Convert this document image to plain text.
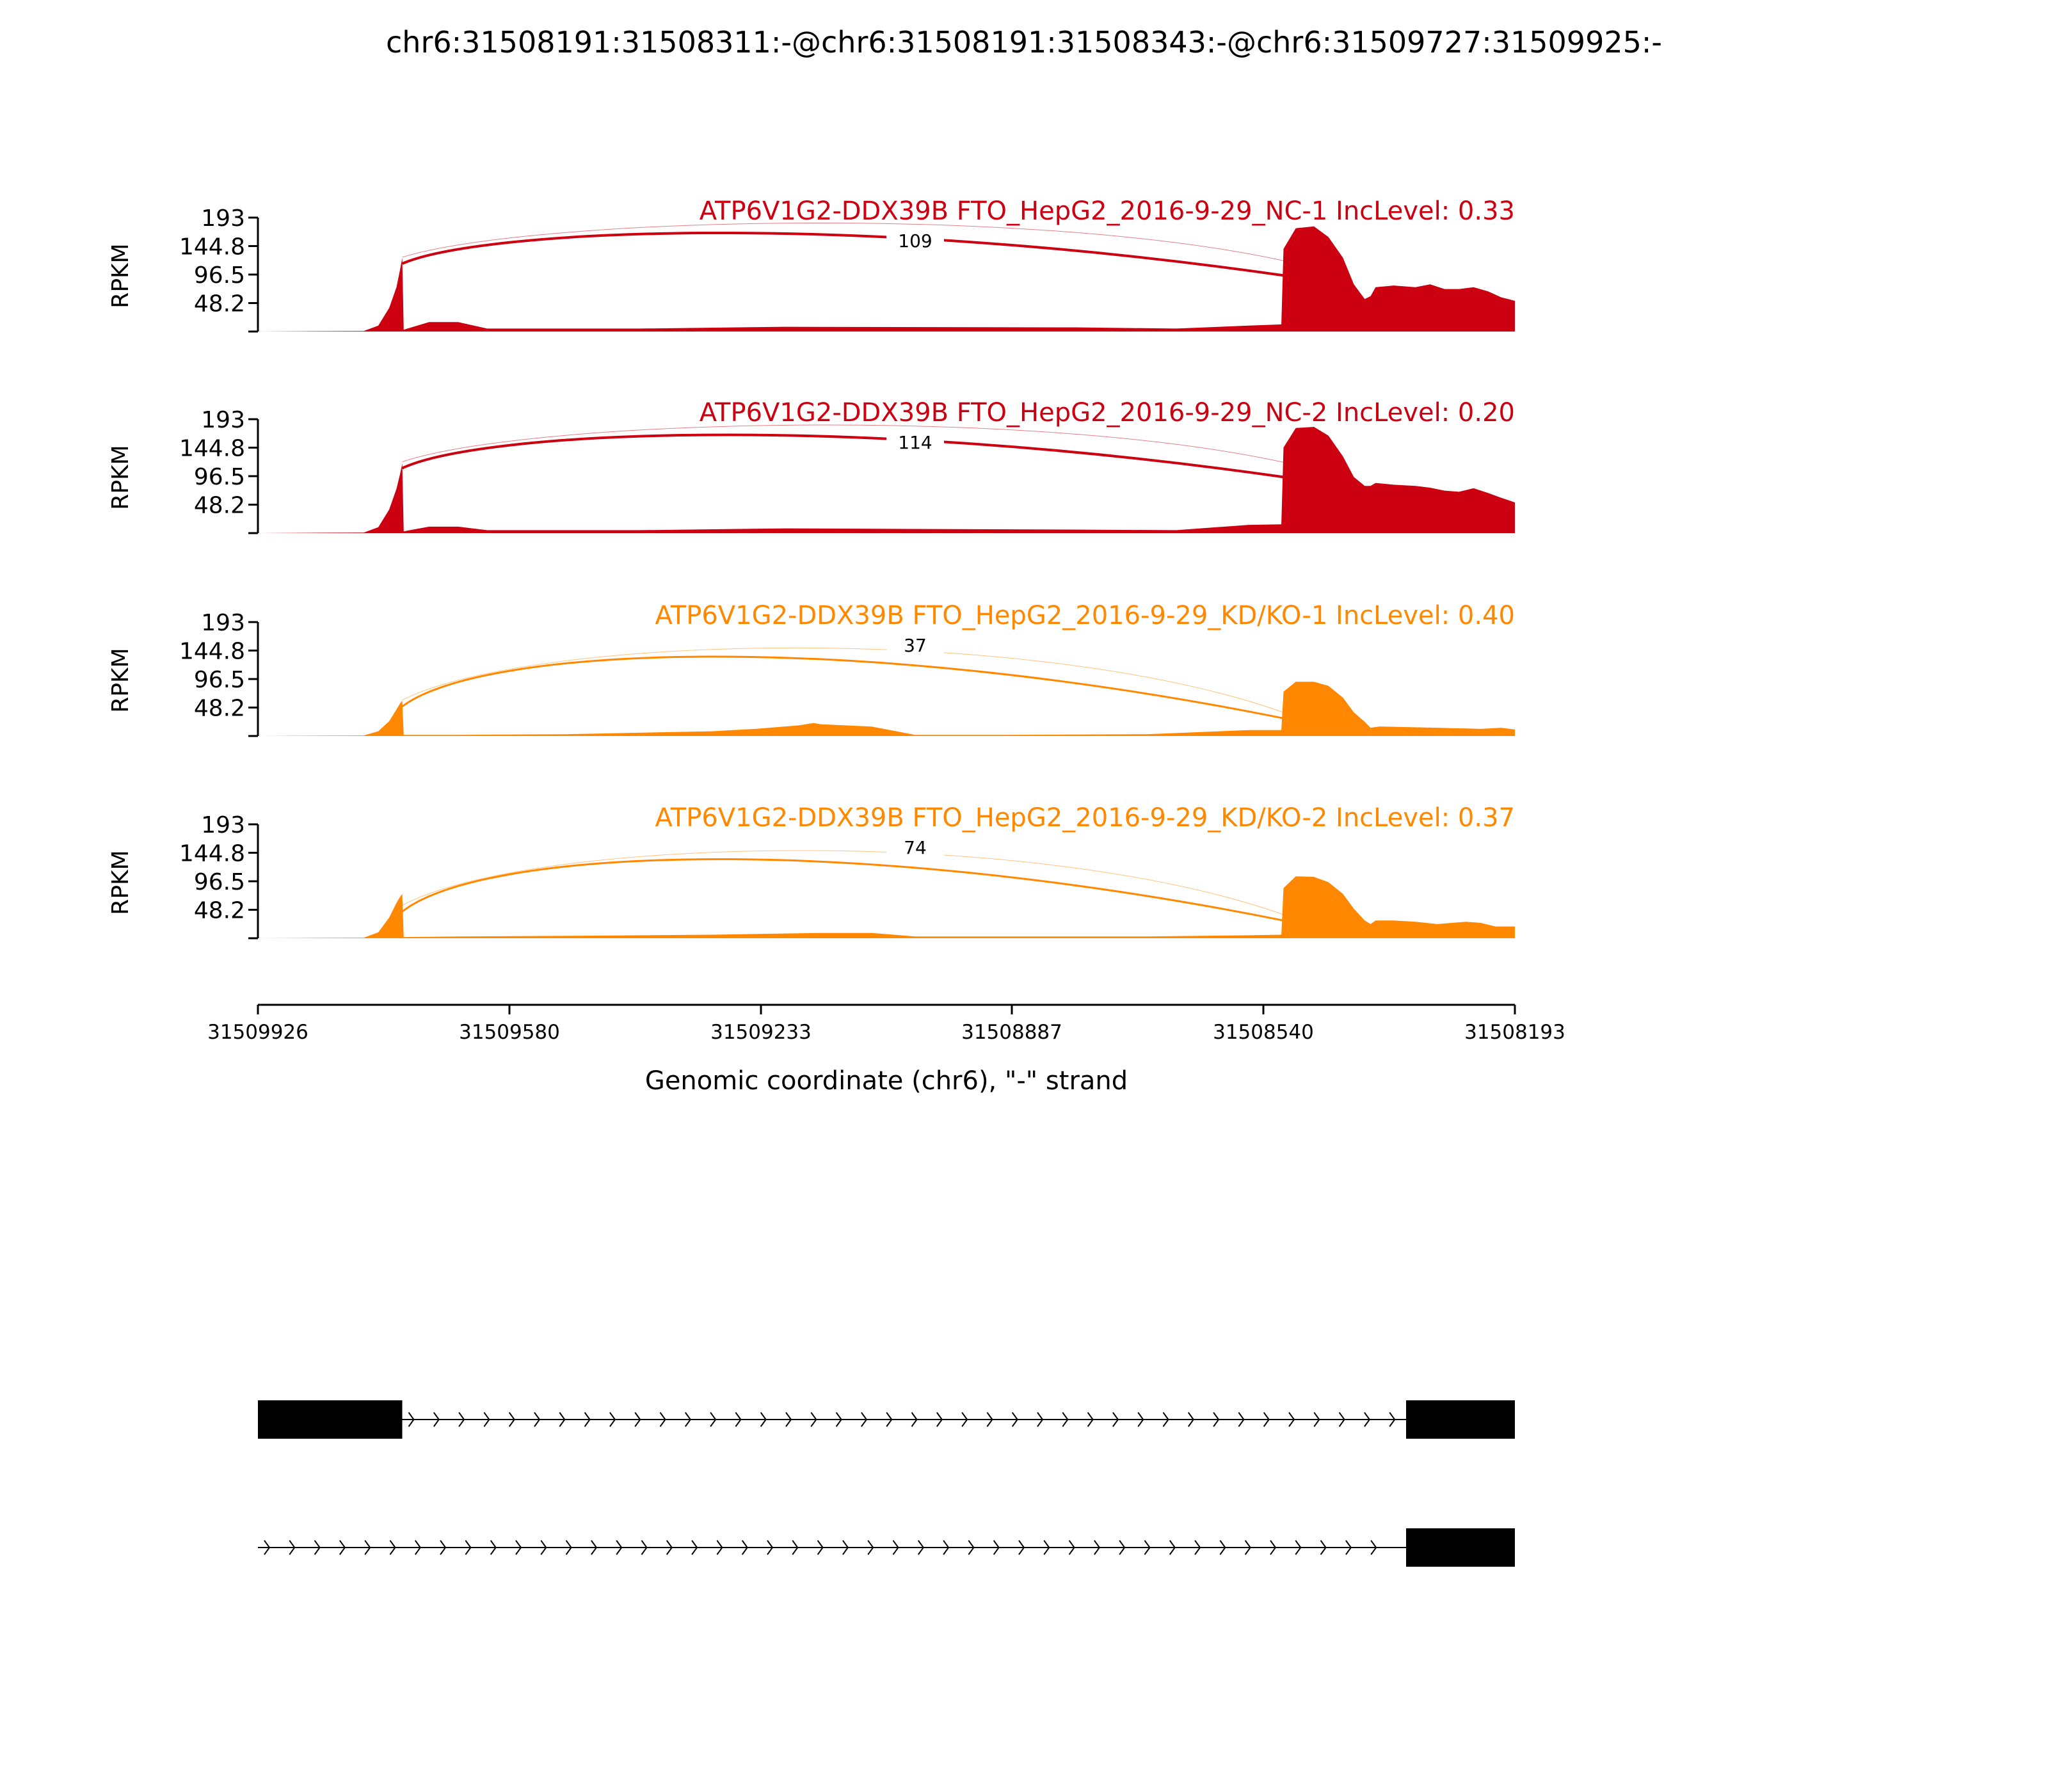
chr6:31508191:31508311:-@chr6:31508191:31508343:-@chr6:31509727:31509925:-
109
ATP6V1G2-DDX39B FTO_HepG2_2016-9-29_NC-1 IncLevel: 0.33
193
144.8
96.5
48.2
RPKM
114
ATP6V1G2-DDX39B FTO_HepG2_2016-9-29_NC-2 IncLevel: 0.20
193
144.8
96.5
48.2
RPKM
37
ATP6V1G2-DDX39B FTO_HepG2_2016-9-29_KD/KO-1 IncLevel: 0.40
193
144.8
96.5
48.2
RPKM
74
ATP6V1G2-DDX39B FTO_HepG2_2016-9-29_KD/KO-2 IncLevel: 0.37
193
144.8
96.5
48.2
RPKM
31509926	31509580	31509233	31508887	31508540	31508193
Genomic coordinate (chr6), "-" strand
